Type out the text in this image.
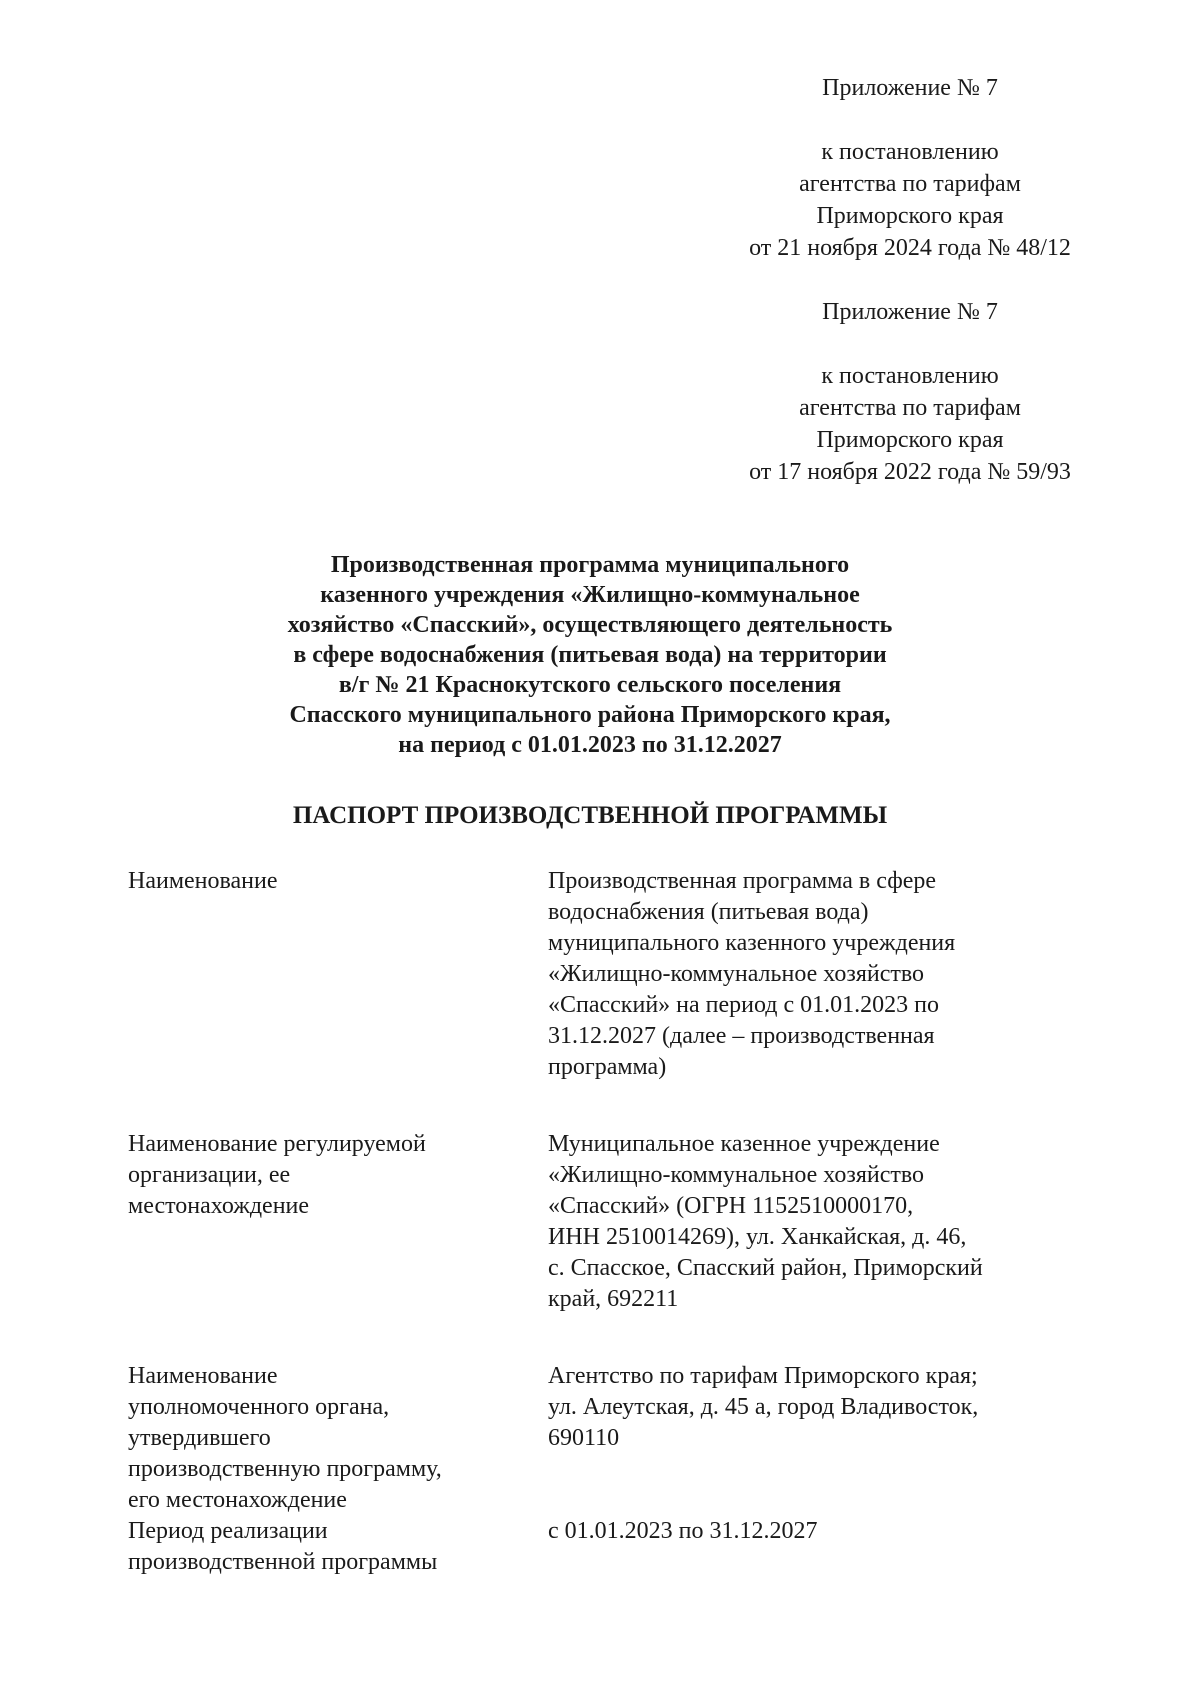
Приложение № 7
к постановлению
агентства по тарифам
Приморского края
от 21 ноября 2024 года № 48/12
Приложение № 7
к постановлению
агентства по тарифам
Приморского края
от 17 ноября 2022 года № 59/93
Производственная программа муниципального
казенного учреждения «Жилищно-коммунальное
хозяйство «Спасский», осуществляющего деятельность
в сфере водоснабжения (питьевая вода) на территории
в/г № 21 Краснокутского сельского поселения
Спасского муниципального района Приморского края,
на период с 01.01.2023 по 31.12.2027
ПАСПОРТ ПРОИЗВОДСТВЕННОЙ ПРОГРАММЫ
Наименование	Производственная программа в сфере
водоснабжения (питьевая вода)
муниципального казенного учреждения
«Жилищно-коммунальное хозяйство
«Спасский» на период с 01.01.2023 по
31.12.2027 (далее – производственная
программа)
Наименование регулируемой
организации, ее
местонахождение
Муниципальное казенное учреждение
«Жилищно-коммунальное хозяйство
«Спасский» (ОГРН 1152510000170,
ИНН 2510014269), ул. Ханкайская, д. 46,
с. Спасское, Спасский район, Приморский
край, 692211
Наименование
уполномоченного органа,
утвердившего
производственную программу,
его местонахождение
Агентство по тарифам Приморского края;
ул. Алеутская, д. 45 а, город Владивосток,
690110
Период реализации
производственной программы
с 01.01.2023 по 31.12.2027
